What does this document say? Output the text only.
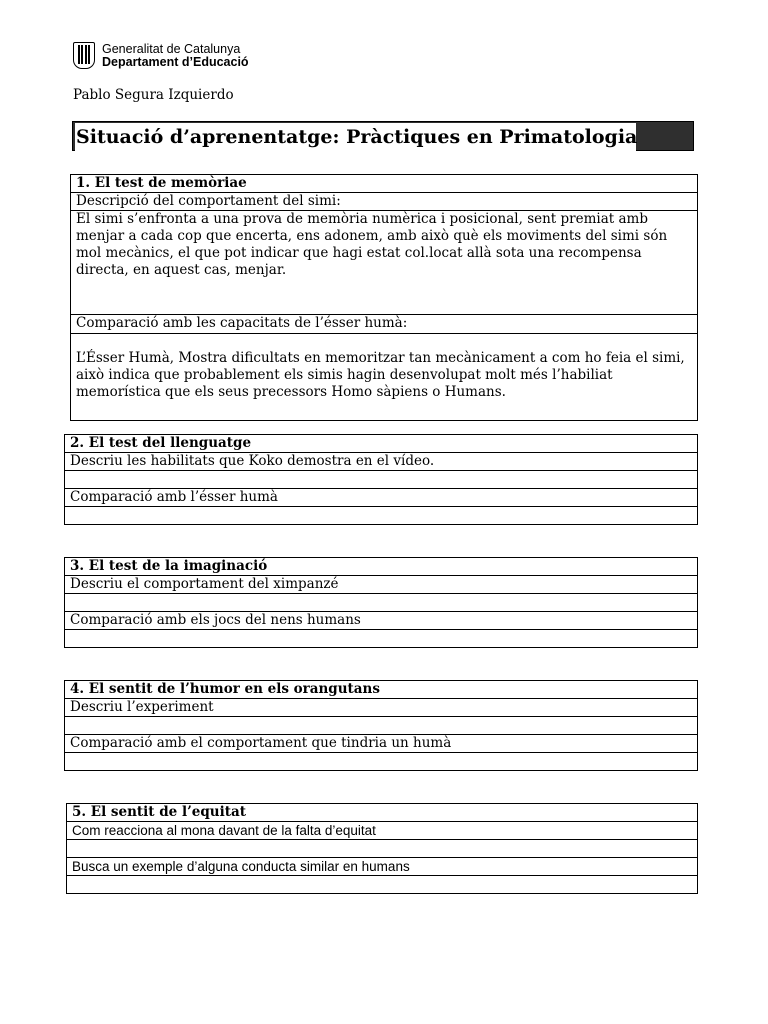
Generalitat de Catalunya
Departament d’Educació
Pablo Segura Izquierdo
Situació d’aprenentatge: Pràctiques en Primatologia
1. El test de memòriae
Descripció del comportament del simi:
El simi s’enfronta a una prova de memòria numèrica i posicional, sent premiat amb menjar a cada cop que encerta, ens adonem, amb això què els moviments del simi són mol mecànics, el que pot indicar que hagi estat col.locat allà sota una recompensa directa, en aquest cas, menjar.
Comparació amb les capacitats de l’ésser humà:
L’Ésser Humà, Mostra dificultats en memoritzar tan mecànicament a com ho feia el simi, això indica que probablement els simis hagin desenvolupat molt més l’habiliat memorística que els seus precessors Homo sàpiens o Humans.
2. El test del llenguatge
Descriu les habilitats que Koko demostra en el vídeo.
Comparació amb l’ésser humà
3. El test de la imaginació
Descriu el comportament del ximpanzé
Comparació amb els jocs del nens humans
4. El sentit de l’humor en els orangutans
Descriu l’experiment
Comparació amb el comportament que tindria un humà
5. El sentit de l’equitat
Com reacciona al mona davant de la falta d’equitat
Busca un exemple d’alguna conducta similar en humans
